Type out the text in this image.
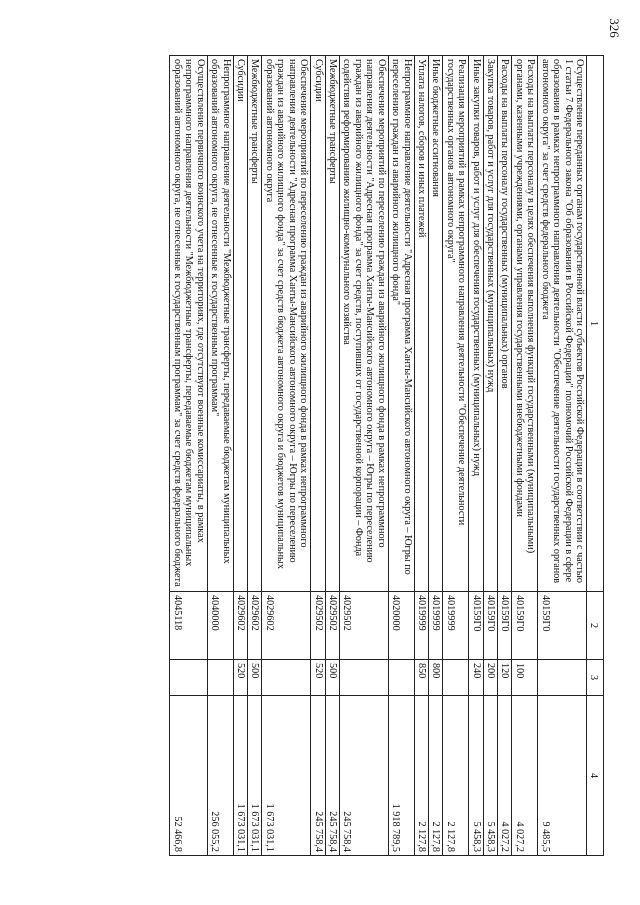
326
1	2	3	4
Осуществление переданных органам государственной власти субъектов Российской Федерации в соответствии с частью 1 статьи 7 Федерального закона "Об образовании в Российской Федерации" полномочий Российской Федерации в сфере образования в рамках непрограммного направления деятельности "Обеспечение деятельности государственных органов автономного округа" за счет средств федерального бюджета	40159Г0		9 485,5
Расходы на выплаты персоналу в целях обеспечения выполнения функций государственными (муниципальными) органами, казенными учреждениями, органами управления государственными внебюджетными фондами	40159Г0	100	4 027,2
Расходы на выплаты персоналу государственных (муниципальных) органов	40159Г0	120	4 027,2
Закупка товаров, работ и услуг для государственных (муниципальных) нужд	40159Г0	200	5 458,3
Иные закупки товаров, работ и услуг для обеспечения государственных (муниципальных) нужд	40159Г0	240	5 458,3
Реализация мероприятий в рамках непрограммного направления деятельности "Обеспечение деятельности государственных органов автономного округа"	4019999		2 127,8
Иные бюджетные ассигнования	4019999	800	2 127,8
Уплата налогов, сборов и иных платежей	4019999	850	2 127,8
Непрограммное направление деятельности "Адресная программа Ханты-Мансийского автономного округа – Югры по переселению граждан из аварийного жилищного фонда"	4020000		1 918 789,5
Обеспечение мероприятий по переселению граждан из аварийного жилищного фонда в рамках непрограммного направления деятельности "Адресная программа Ханты-Мансийского автономного округа – Югры по переселению граждан из аварийного жилищного фонда" за счет средств, поступивших от государственной корпорации – Фонда содействия реформированию жилищно-коммунального хозяйства	4029502		245 758,4
Межбюджетные трансферты	4029502	500	245 758,4
Субсидии	4029502	520	245 758,4
Обеспечение мероприятий по переселению граждан из аварийного жилищного фонда в рамках непрограммного направления деятельности "Адресная программа Ханты-Мансийского автономного округа – Югры по переселению граждан из аварийного жилищного фонда" за счет средств бюджета автономного округа и бюджетов муниципальных образований автономного округа	4029602		1 673 031,1
Межбюджетные трансферты	4029602	500	1 673 031,1
Субсидии	4029602	520	1 673 031,1
Непрограммное направление деятельности "Межбюджетные трансферты, передаваемые бюджетам муниципальных образований автономного округа, не отнесенные к государственным программам"	4040000		256 055,2
Осуществление первичного воинского учета на территориях, где отсутствуют военные комиссариаты, в рамках непрограммного направления деятельности "Межбюджетные трансферты, передаваемые бюджетам муниципальных образований автономного округа, не отнесенные к государственным программам" за счет средств федерального бюджета	4045118		52 466,8
